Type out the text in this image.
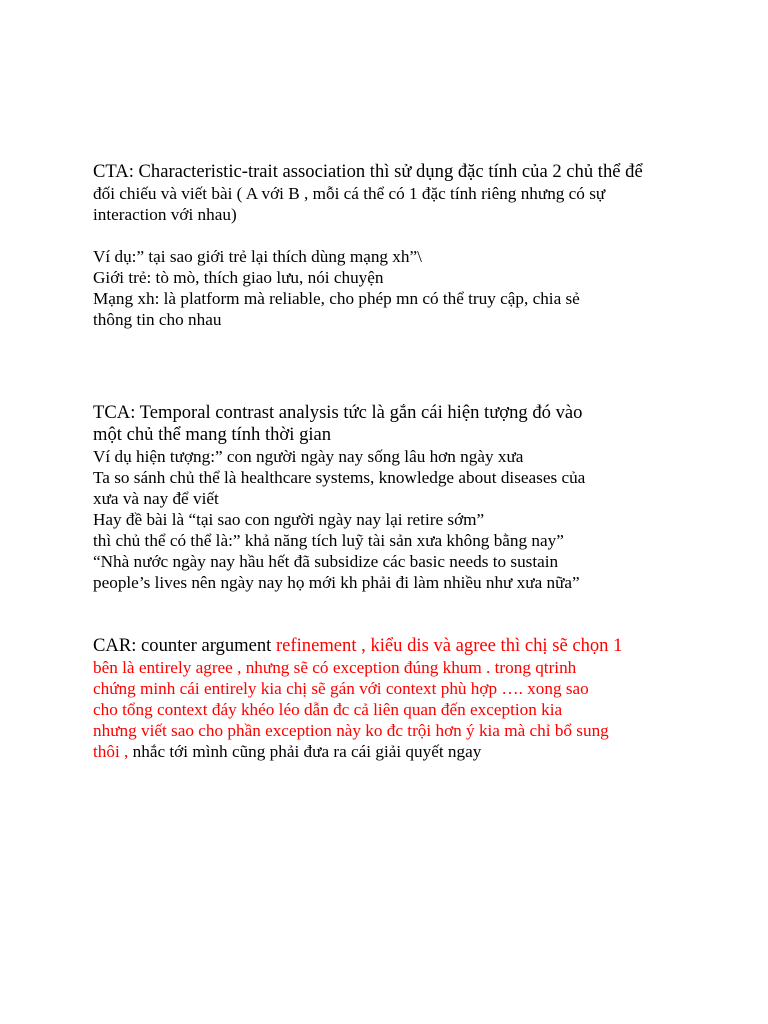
CTA: Characteristic-trait association thì sử dụng đặc tính của 2 chủ thể để
đối chiếu và viết bài ( A với B , mỗi cá thể có 1 đặc tính riêng nhưng có sự
interaction với nhau)
Ví dụ:” tại sao giới trẻ lại thích dùng mạng xh”\
Giới trẻ: tò mò, thích giao lưu, nói chuyện
Mạng xh: là platform mà reliable, cho phép mn có thể truy cập, chia sẻ
thông tin cho nhau
TCA: Temporal contrast analysis tức là gắn cái hiện tượng đó vào
một chủ thể mang tính thời gian
Ví dụ hiện tượng:” con người ngày nay sống lâu hơn ngày xưa
Ta so sánh chủ thể là healthcare systems, knowledge about diseases của
xưa và nay để viết
Hay đề bài là “tại sao con người ngày nay lại retire sớm”
thì chủ thể có thể là:” khả năng tích luỹ tài sản xưa không bằng nay”
“Nhà nước ngày nay hầu hết đã subsidize các basic needs to sustain
people’s lives nên ngày nay họ mới kh phải đi làm nhiều như xưa nữa”
CAR: counter argument refinement , kiểu dis và agree thì chị sẽ chọn 1
bên là entirely agree , nhưng sẽ có exception đúng khum . trong qtrinh
chứng minh cái entirely kia chị sẽ gán với context phù hợp …. xong sao
cho tổng context đáy khéo léo dẫn đc cả liên quan đến exception kia
nhưng viết sao cho phần exception này ko đc trội hơn ý kia mà chỉ bổ sung
thôi , nhắc tới mình cũng phải đưa ra cái giải quyết ngay
